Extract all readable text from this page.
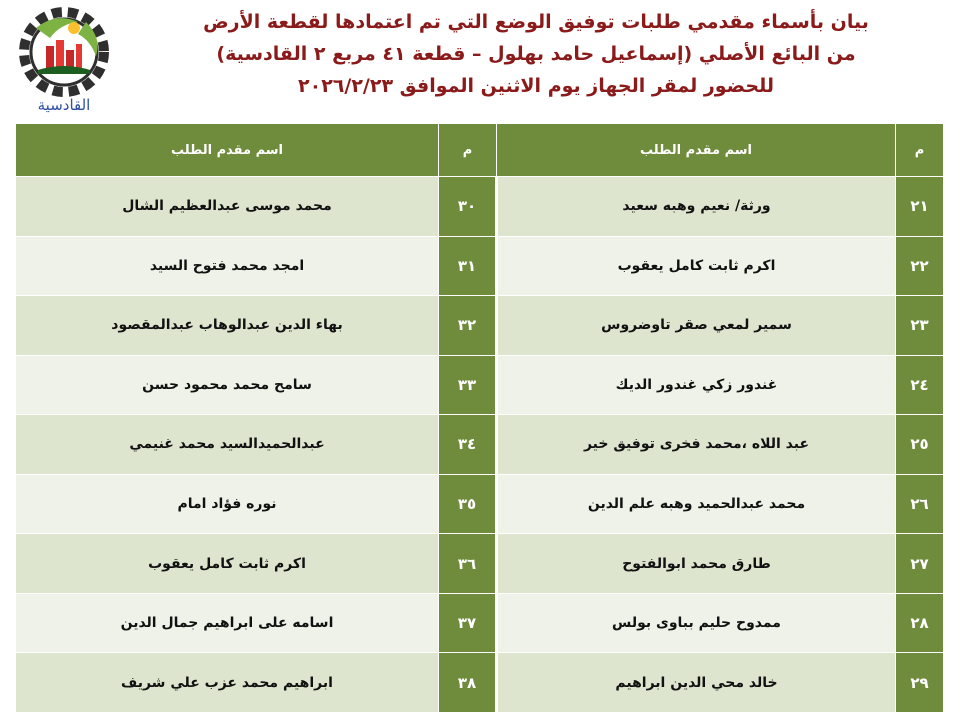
القادسية
بيان بأسماء مقدمي طلبات توفيق الوضع التي تم اعتمادها لقطعة الأرض
من البائع الأصلي (إسماعيل حامد بهلول – قطعة ٤١ مربع ٢ القادسية)
للحضور لمقر الجهاز يوم الاثنين الموافق ٢٠٢٦/٢/٢٣
م	اسم مقدم الطلب	م	اسم مقدم الطلب
٢١	ورثة/ نعيم وهبه سعيد	٣٠	محمد موسى عبدالعظيم الشال
٢٢	اكرم ثابت كامل يعقوب	٣١	امجد محمد فتوح السيد
٢٣	سمير لمعي صقر تاوضروس	٣٢	بهاء الدين عبدالوهاب عبدالمقصود
٢٤	غندور زكي غندور الديك	٣٣	سامح محمد محمود حسن
٢٥	عبد اللاه ،محمد فخرى توفيق خير	٣٤	عبدالحميدالسيد محمد غنيمي
٢٦	محمد عبدالحميد وهبه علم الدين	٣٥	نوره فؤاد امام
٢٧	طارق محمد ابوالفتوح	٣٦	اكرم ثابت كامل يعقوب
٢٨	ممدوح حليم بباوى بولس	٣٧	اسامه على ابراهيم جمال الدين
٢٩	خالد محي الدين ابراهيم	٣٨	ابراهيم محمد عزب علي شريف
